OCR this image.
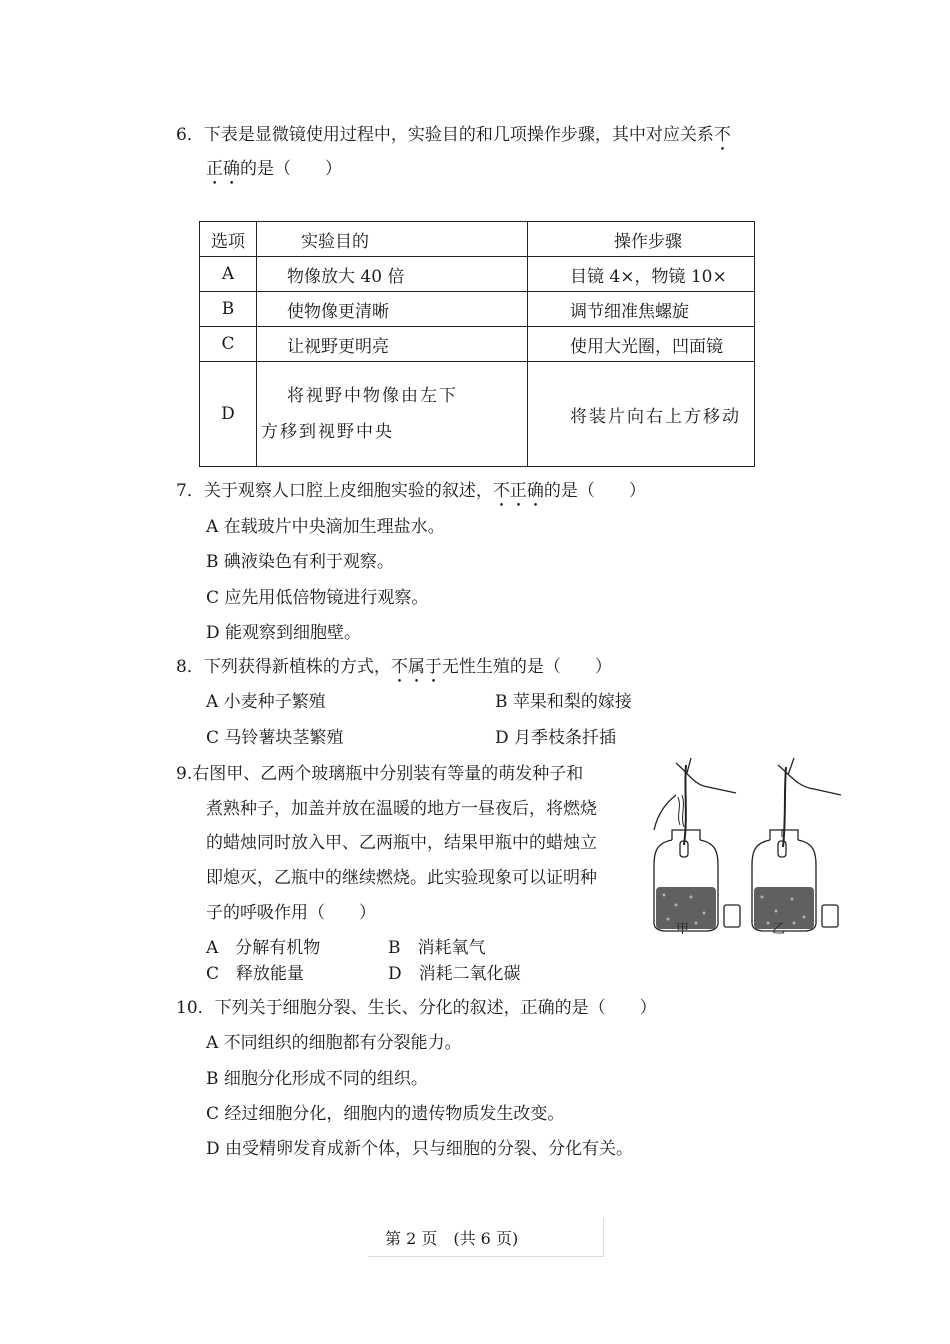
6．下表是显微镜使用过程中，实验目的和几项操作步骤，其中对应关系不
正确的是（　　）
选项	实验目的	操作步骤
A	物像放大 40 倍	目镜 4×，物镜 10×
B	使物像更清晰	调节细准焦螺旋
C	让视野更明亮	使用大光圈，凹面镜
D	将视野中物像由左下
方移到视野中央	将装片向右上方移动
7．关于观察人口腔上皮细胞实验的叙述，不正确的是（　　）
A 在载玻片中央滴加生理盐水。
B 碘液染色有利于观察。
C 应先用低倍物镜进行观察。
D 能观察到细胞壁。
8．下列获得新植株的方式，不属于无性生殖的是（　　）
A 小麦种子繁殖	B 苹果和梨的嫁接
C 马铃薯块茎繁殖	D 月季枝条扦插
9.右图甲、乙两个玻璃瓶中分别装有等量的萌发种子和
煮熟种子，加盖并放在温暖的地方一昼夜后，将燃烧
的蜡烛同时放入甲、乙两瓶中，结果甲瓶中的蜡烛立
即熄灭，乙瓶中的继续燃烧。此实验现象可以证明种
子的呼吸作用（　　）
A　分解有机物	B　消耗氧气
C　释放能量	D　消耗二氧化碳
甲	乙
10．下列关于细胞分裂、生长、分化的叙述，正确的是（　　）
A 不同组织的细胞都有分裂能力。
B 细胞分化形成不同的组织。
C 经过细胞分化，细胞内的遗传物质发生改变。
D 由受精卵发育成新个体，只与细胞的分裂、分化有关。
第 2 页　(共 6 页)
